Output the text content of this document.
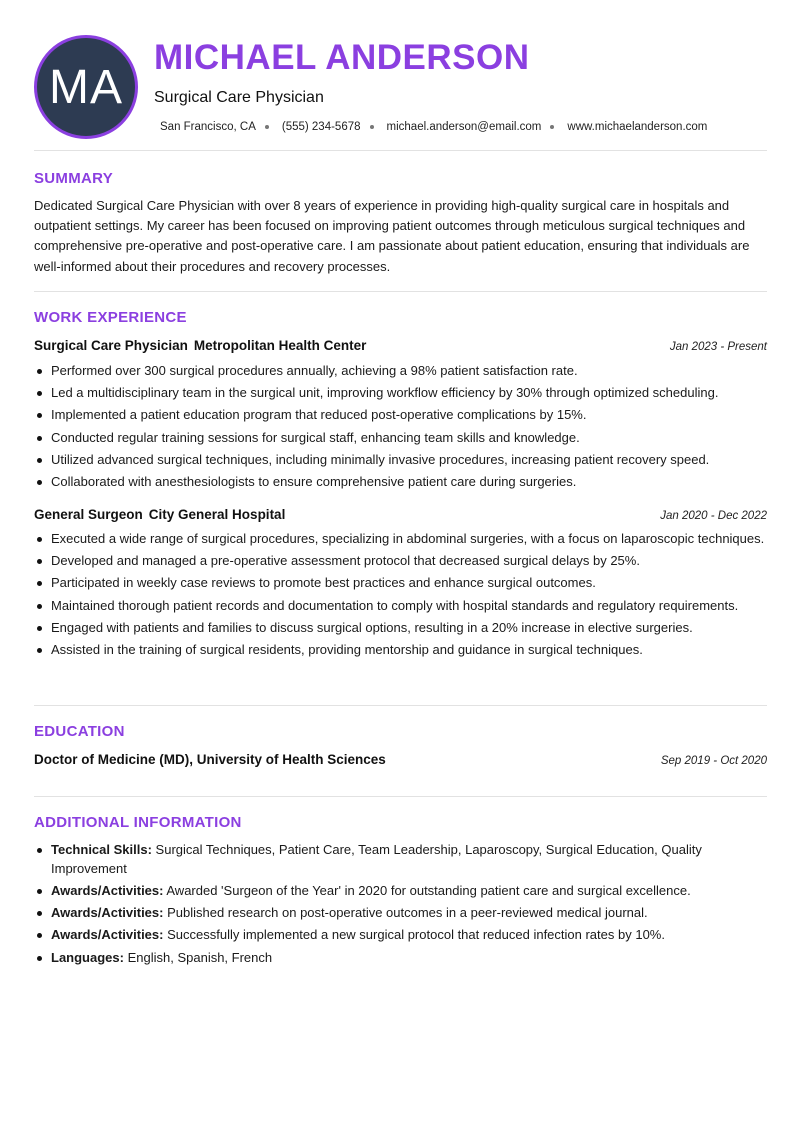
MA
MICHAEL ANDERSON
Surgical Care Physician
San Francisco, CA (555) 234-5678 michael.anderson@email.com www.michaelanderson.com
SUMMARY
Dedicated Surgical Care Physician with over 8 years of experience in providing high-quality surgical care in hospitals and outpatient settings. My career has been focused on improving patient outcomes through meticulous surgical techniques and comprehensive pre-operative and post-operative care. I am passionate about patient education, ensuring that individuals are well-informed about their procedures and recovery processes.
WORK EXPERIENCE
Surgical Care Physician Metropolitan Health Center	Jan 2023 - Present
Performed over 300 surgical procedures annually, achieving a 98% patient satisfaction rate.
Led a multidisciplinary team in the surgical unit, improving workflow efficiency by 30% through optimized scheduling.
Implemented a patient education program that reduced post-operative complications by 15%.
Conducted regular training sessions for surgical staff, enhancing team skills and knowledge.
Utilized advanced surgical techniques, including minimally invasive procedures, increasing patient recovery speed.
Collaborated with anesthesiologists to ensure comprehensive patient care during surgeries.
General Surgeon City General Hospital	Jan 2020 - Dec 2022
Executed a wide range of surgical procedures, specializing in abdominal surgeries, with a focus on laparoscopic techniques.
Developed and managed a pre-operative assessment protocol that decreased surgical delays by 25%.
Participated in weekly case reviews to promote best practices and enhance surgical outcomes.
Maintained thorough patient records and documentation to comply with hospital standards and regulatory requirements.
Engaged with patients and families to discuss surgical options, resulting in a 20% increase in elective surgeries.
Assisted in the training of surgical residents, providing mentorship and guidance in surgical techniques.
EDUCATION
Doctor of Medicine (MD), University of Health Sciences	Sep 2019 - Oct 2020
ADDITIONAL INFORMATION
Technical Skills: Surgical Techniques, Patient Care, Team Leadership, Laparoscopy, Surgical Education, Quality Improvement
Awards/Activities: Awarded 'Surgeon of the Year' in 2020 for outstanding patient care and surgical excellence.
Awards/Activities: Published research on post-operative outcomes in a peer-reviewed medical journal.
Awards/Activities: Successfully implemented a new surgical protocol that reduced infection rates by 10%.
Languages: English, Spanish, French
